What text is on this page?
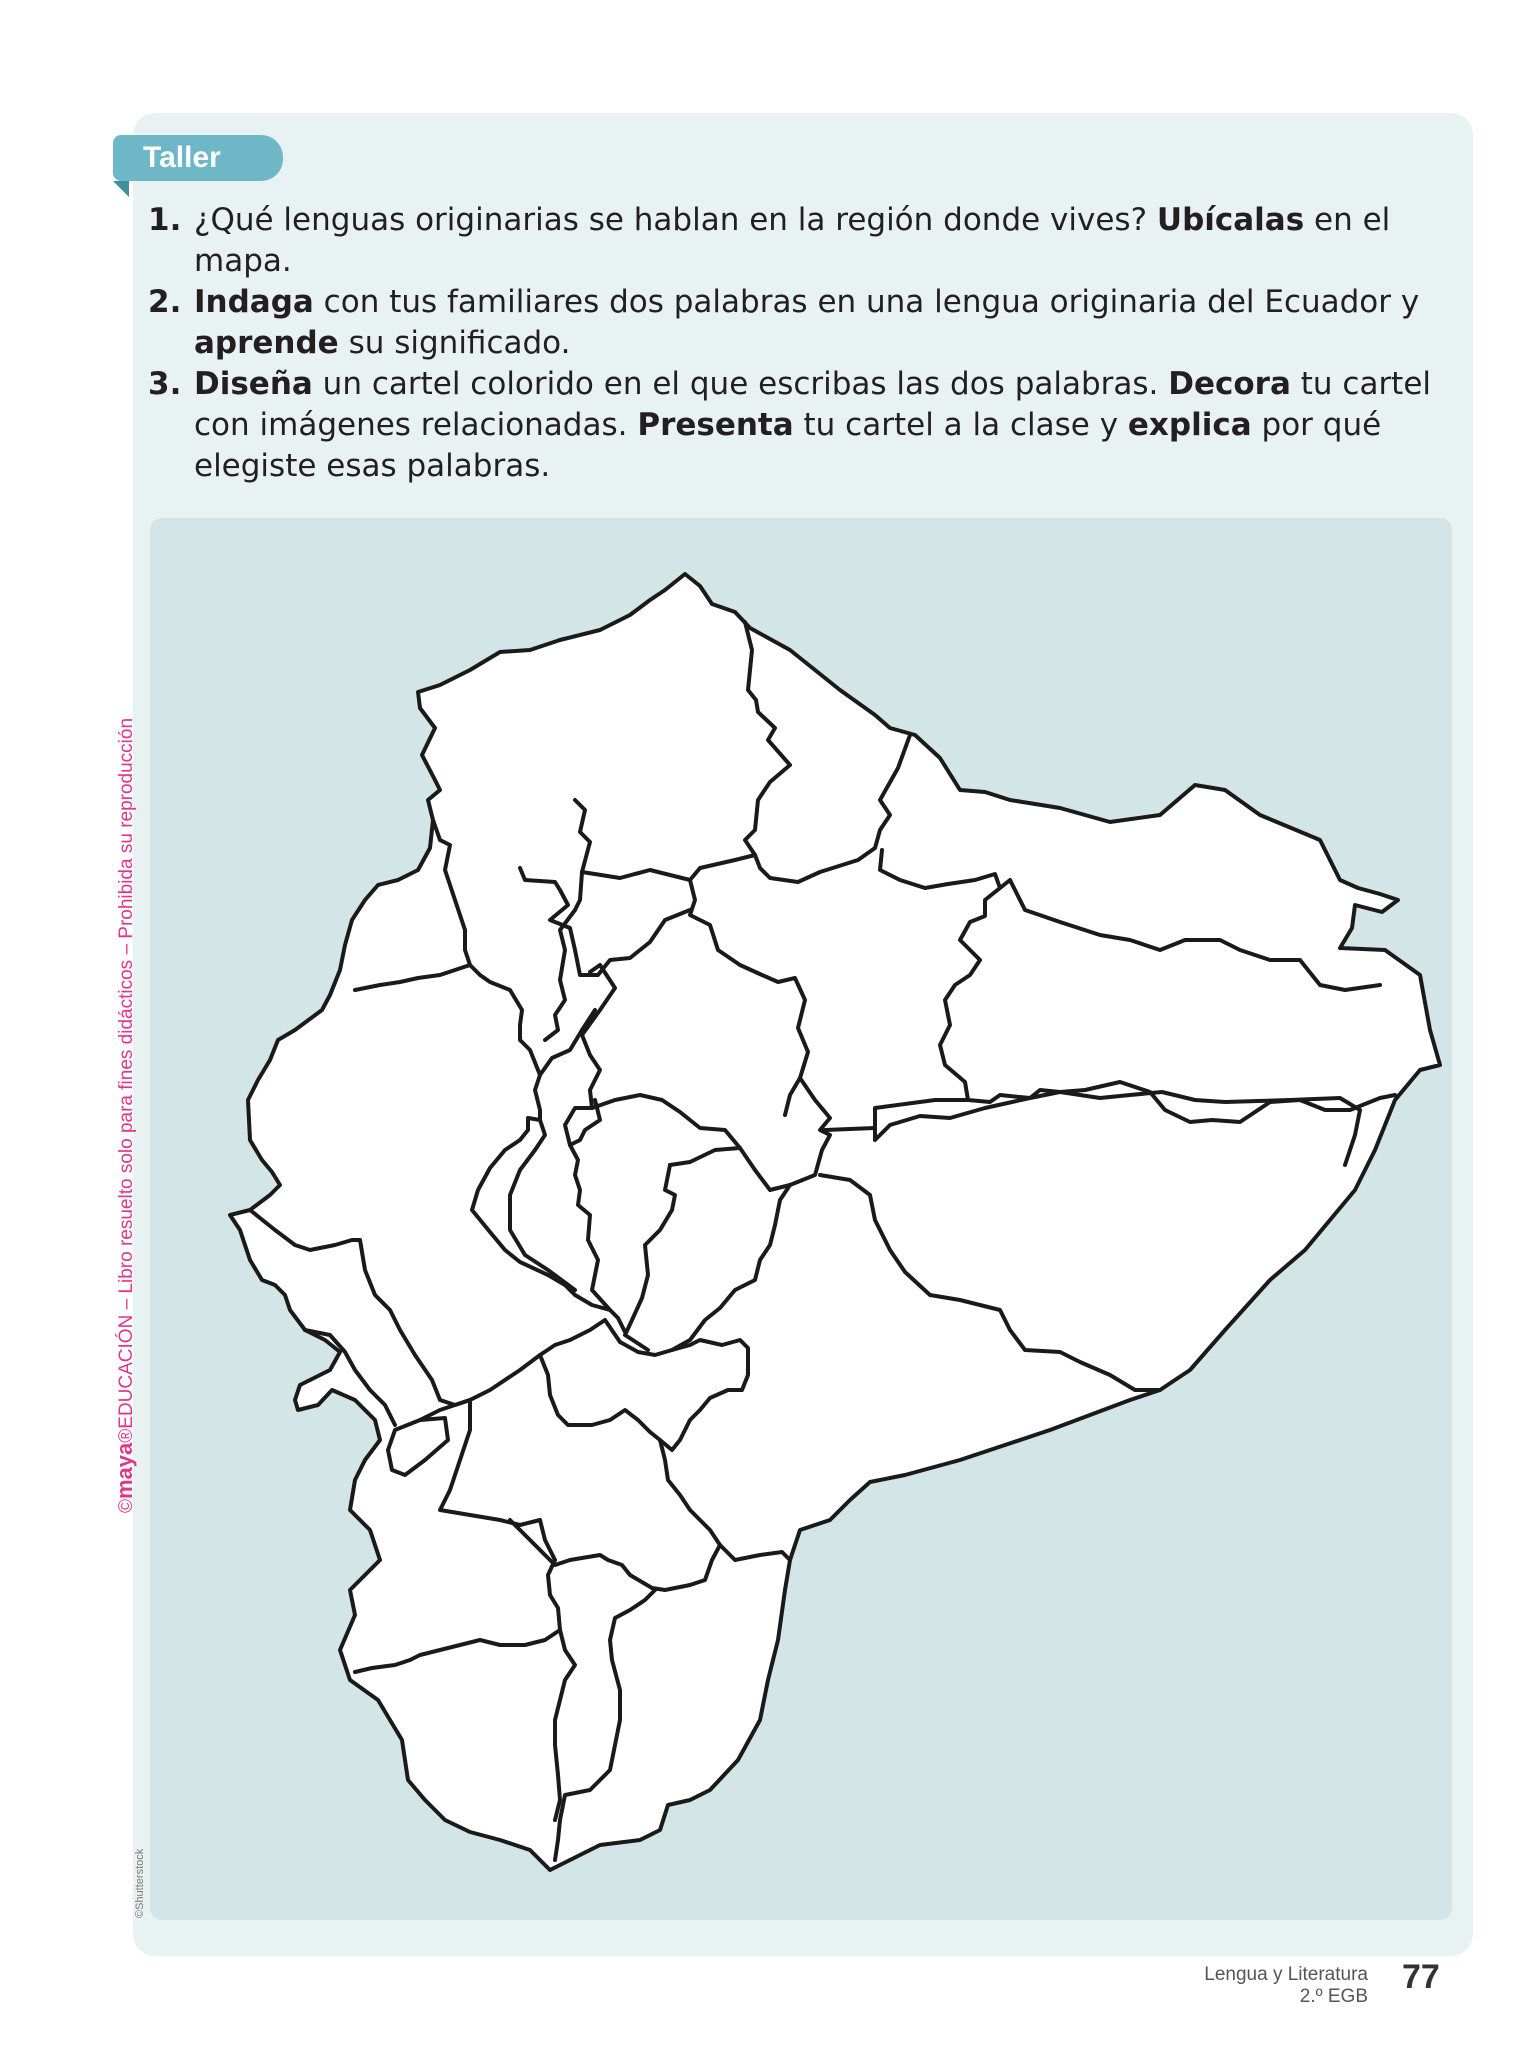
Taller
1. ¿Qué lenguas originarias se hablan en la región donde vives? Ubícalas en el mapa.
2. Indaga con tus familiares dos palabras en una lengua originaria del Ecuador y aprende su significado.
3. Diseña un cartel colorido en el que escribas las dos palabras. Decora tu cartel con imágenes relacionadas. Presenta tu cartel a la clase y explica por qué elegiste esas palabras.
©maya®EDUCACIÓN – Libro resuelto solo para fines didácticos – Prohibida su reproducción
©Shutterstock
Lengua y Literatura
2.º EGB
77
